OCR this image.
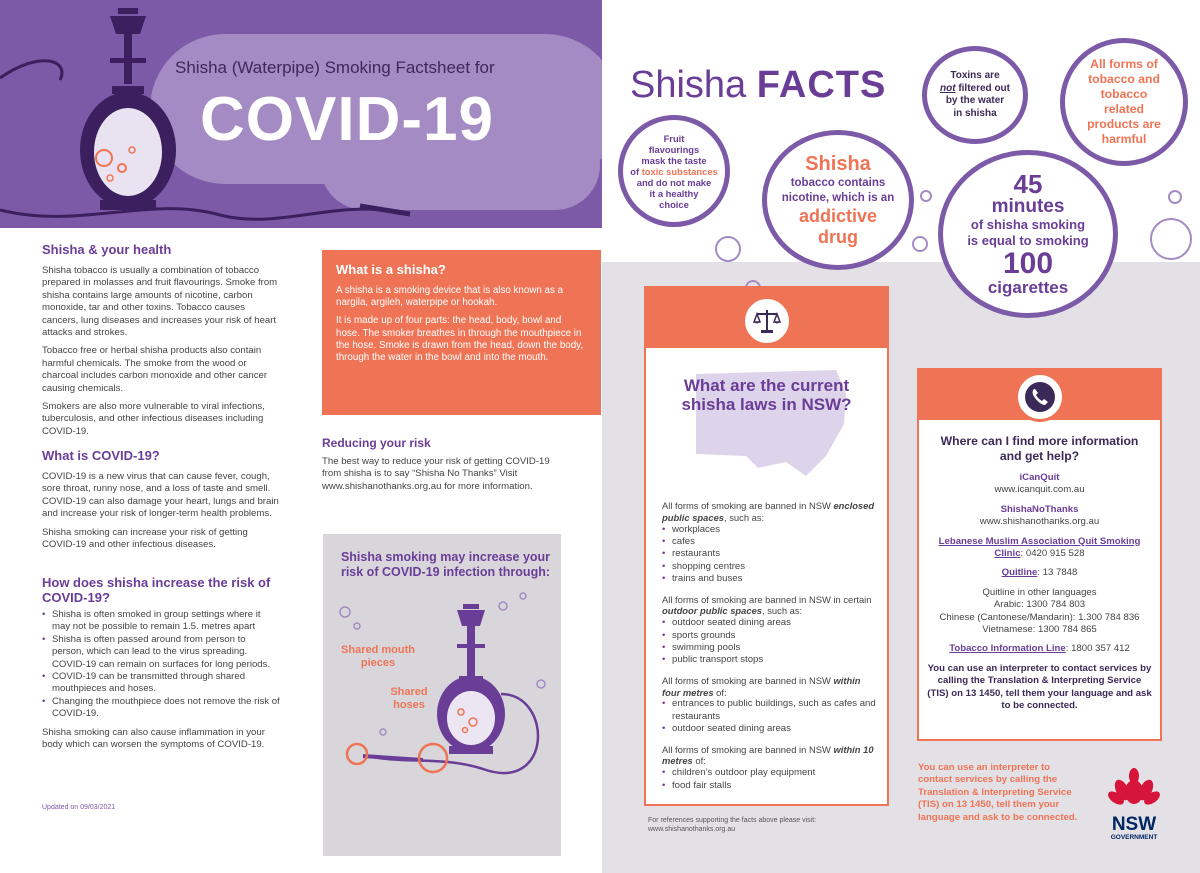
Shisha (Waterpipe) Smoking Factsheet for
COVID-19
Shisha & your health

Shisha tobacco is usually a combination of tobacco prepared in molasses and fruit flavourings. Smoke from shisha contains large amounts of nicotine, carbon monoxide, tar and other toxins. Tobacco causes cancers, lung diseases and increases your risk of heart attacks and strokes.

Tobacco free or herbal shisha products also contain harmful chemicals. The smoke from the wood or charcoal includes carbon monoxide and other cancer causing chemicals.

Smokers are also more vulnerable to viral infections, tuberculosis, and other infectious diseases including COVID-19.

What is COVID-19?

COVID-19 is a new virus that can cause fever, cough, sore throat, runny nose, and a loss of taste and smell. COVID-19 can also damage your heart, lungs and brain and increase your risk of longer-term health problems.

Shisha smoking can increase your risk of getting COVID-19 and other infectious diseases.

How does shisha increase the risk of COVID-19?
• Shisha is often smoked in group settings where it may not be possible to remain 1.5. metres apart
• Shisha is often passed around from person to person, which can lead to the virus spreading. COVID-19 can remain on surfaces for long periods.
• COVID-19 can be transmitted through shared mouthpieces and hoses.
• Changing the mouthpiece does not remove the risk of COVID-19.

Shisha smoking can also cause inflammation in your body which can worsen the symptoms of COVID-19.

Updated on 09/03/2021
What is a shisha?

A shisha is a smoking device that is also known as a nargila, argileh, waterpipe or hookah.

It is made up of four parts: the head, body, bowl and hose. The smoker breathes in through the mouthpiece in the hose. Smoke is drawn from the head, down the body, through the water in the bowl and into the mouth.

Reducing your risk

The best way to reduce your risk of getting COVID-19 from shisha is to say “Shisha No Thanks” Visit www.shishanothanks.org.au for more information.

Shisha smoking may increase your risk of COVID-19 infection through:
Shared mouth pieces
Shared hoses
Shisha FACTS
Fruit
flavourings
mask the taste
of toxic substances
and do not make
it a healthy
choice
Toxins are
not filtered out
by the water
in shisha
All forms of tobacco and tobacco related products are harmful
Shisha
tobacco contains
nicotine, which is an
addictive
drug
45
minutes
of shisha smoking
is equal to smoking
100
cigarettes
What are the current shisha laws in NSW?

All forms of smoking are banned in NSW enclosed public spaces, such as:

• workplaces
• cafes
• restaurants
• shopping centres
• trains and buses

All forms of smoking are banned in NSW in certain outdoor public spaces, such as:

• outdoor seated dining areas
• sports grounds
• swimming pools
• public transport stops

All forms of smoking are banned in NSW within four metres of:

• entrances to public buildings, such as cafes and restaurants
• outdoor seated dining areas

All forms of smoking are banned in NSW within 10 metres of:

• children’s outdoor play equipment
• food fair stalls
For references supporting the facts above please visit: www.shishanothanks.org.au
Where can I find more information and get help?
iCanQuit
www.icanquit.com.au
ShishaNoThanks
www.shishanothanks.org.au
Lebanese Muslim Association Quit Smoking Clinic: 0420 915 528
Quitline: 13 7848
Quitline in other languages
Arabic: 1300 784 803
Chinese (Cantonese/Mandarin): 1.300 784 836
Vietnamese: 1300 784 865
Tobacco Information Line: 1800 357 412
You can use an interpreter to contact services by calling the Translation & Interpreting Service (TIS) on 13 1450, tell them your language and ask to be connected.
You can use an interpreter to contact services by calling the Translation & Interpreting Service (TIS) on 13 1450, tell them your language and ask to be connected.	NSW
GOVERNMENT
